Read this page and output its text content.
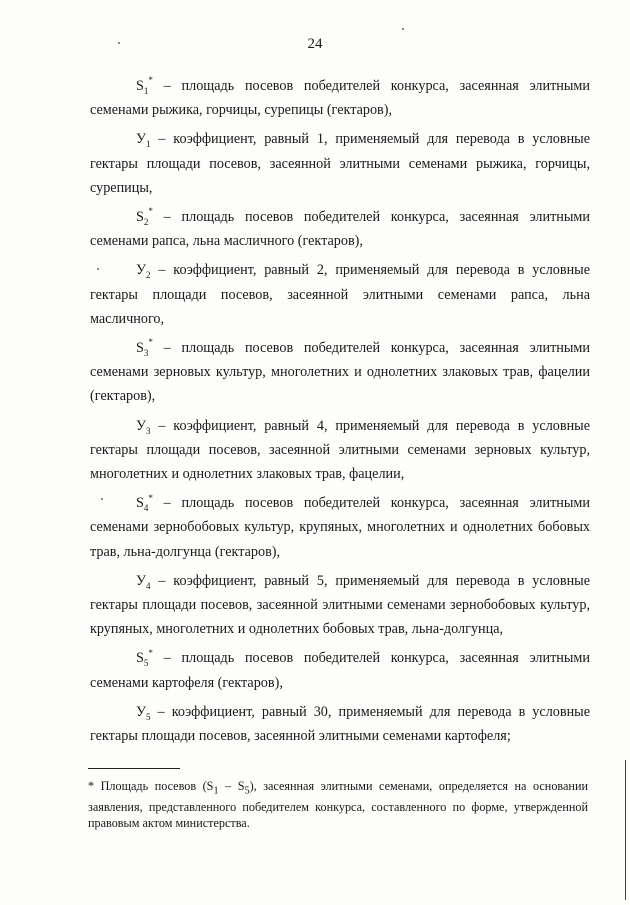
24

$S_1^*$ – площадь посевов победителей конкурса, засеянная элитными семенами рыжика, горчицы, сурепицы (гектаров),

$У_1$ – коэффициент, равный 1, применяемый для перевода в условные гектары площади посевов, засеянной элитными семенами рыжика, горчицы, сурепицы,

$S_2^*$ – площадь посевов победителей конкурса, засеянная элитными семенами рапса, льна масличного (гектаров),

$У_2$ – коэффициент, равный 2, применяемый для перевода в условные гектары площади посевов, засеянной элитными семенами рапса, льна масличного,

$S_3^*$ – площадь посевов победителей конкурса, засеянная элитными семенами зерновых культур, многолетних и однолетних злаковых трав, фацелии (гектаров),

$У_3$ – коэффициент, равный 4, применяемый для перевода в условные гектары площади посевов, засеянной элитными семенами зерновых культур, многолетних и однолетних злаковых трав, фацелии,

$S_4^*$ – площадь посевов победителей конкурса, засеянная элитными семенами зернобобовых культур, крупяных, многолетних и однолетних бобовых трав, льна-долгунца (гектаров),

$У_4$ – коэффициент, равный 5, применяемый для перевода в условные гектары площади посевов, засеянной элитными семенами зернобобовых культур, крупяных, многолетних и однолетних бобовых трав, льна-долгунца,

$S_5^*$ – площадь посевов победителей конкурса, засеянная элитными семенами картофеля (гектаров),

$У_5$ – коэффициент, равный 30, применяемый для перевода в условные гектары площади посевов, засеянной элитными семенами картофеля;

* Площадь посевов $(S_1 - S_5)$, засеянная элитными семенами, определяется на основании заявления, представленного победителем конкурса, составленного по форме, утвержденной правовым актом министерства.
